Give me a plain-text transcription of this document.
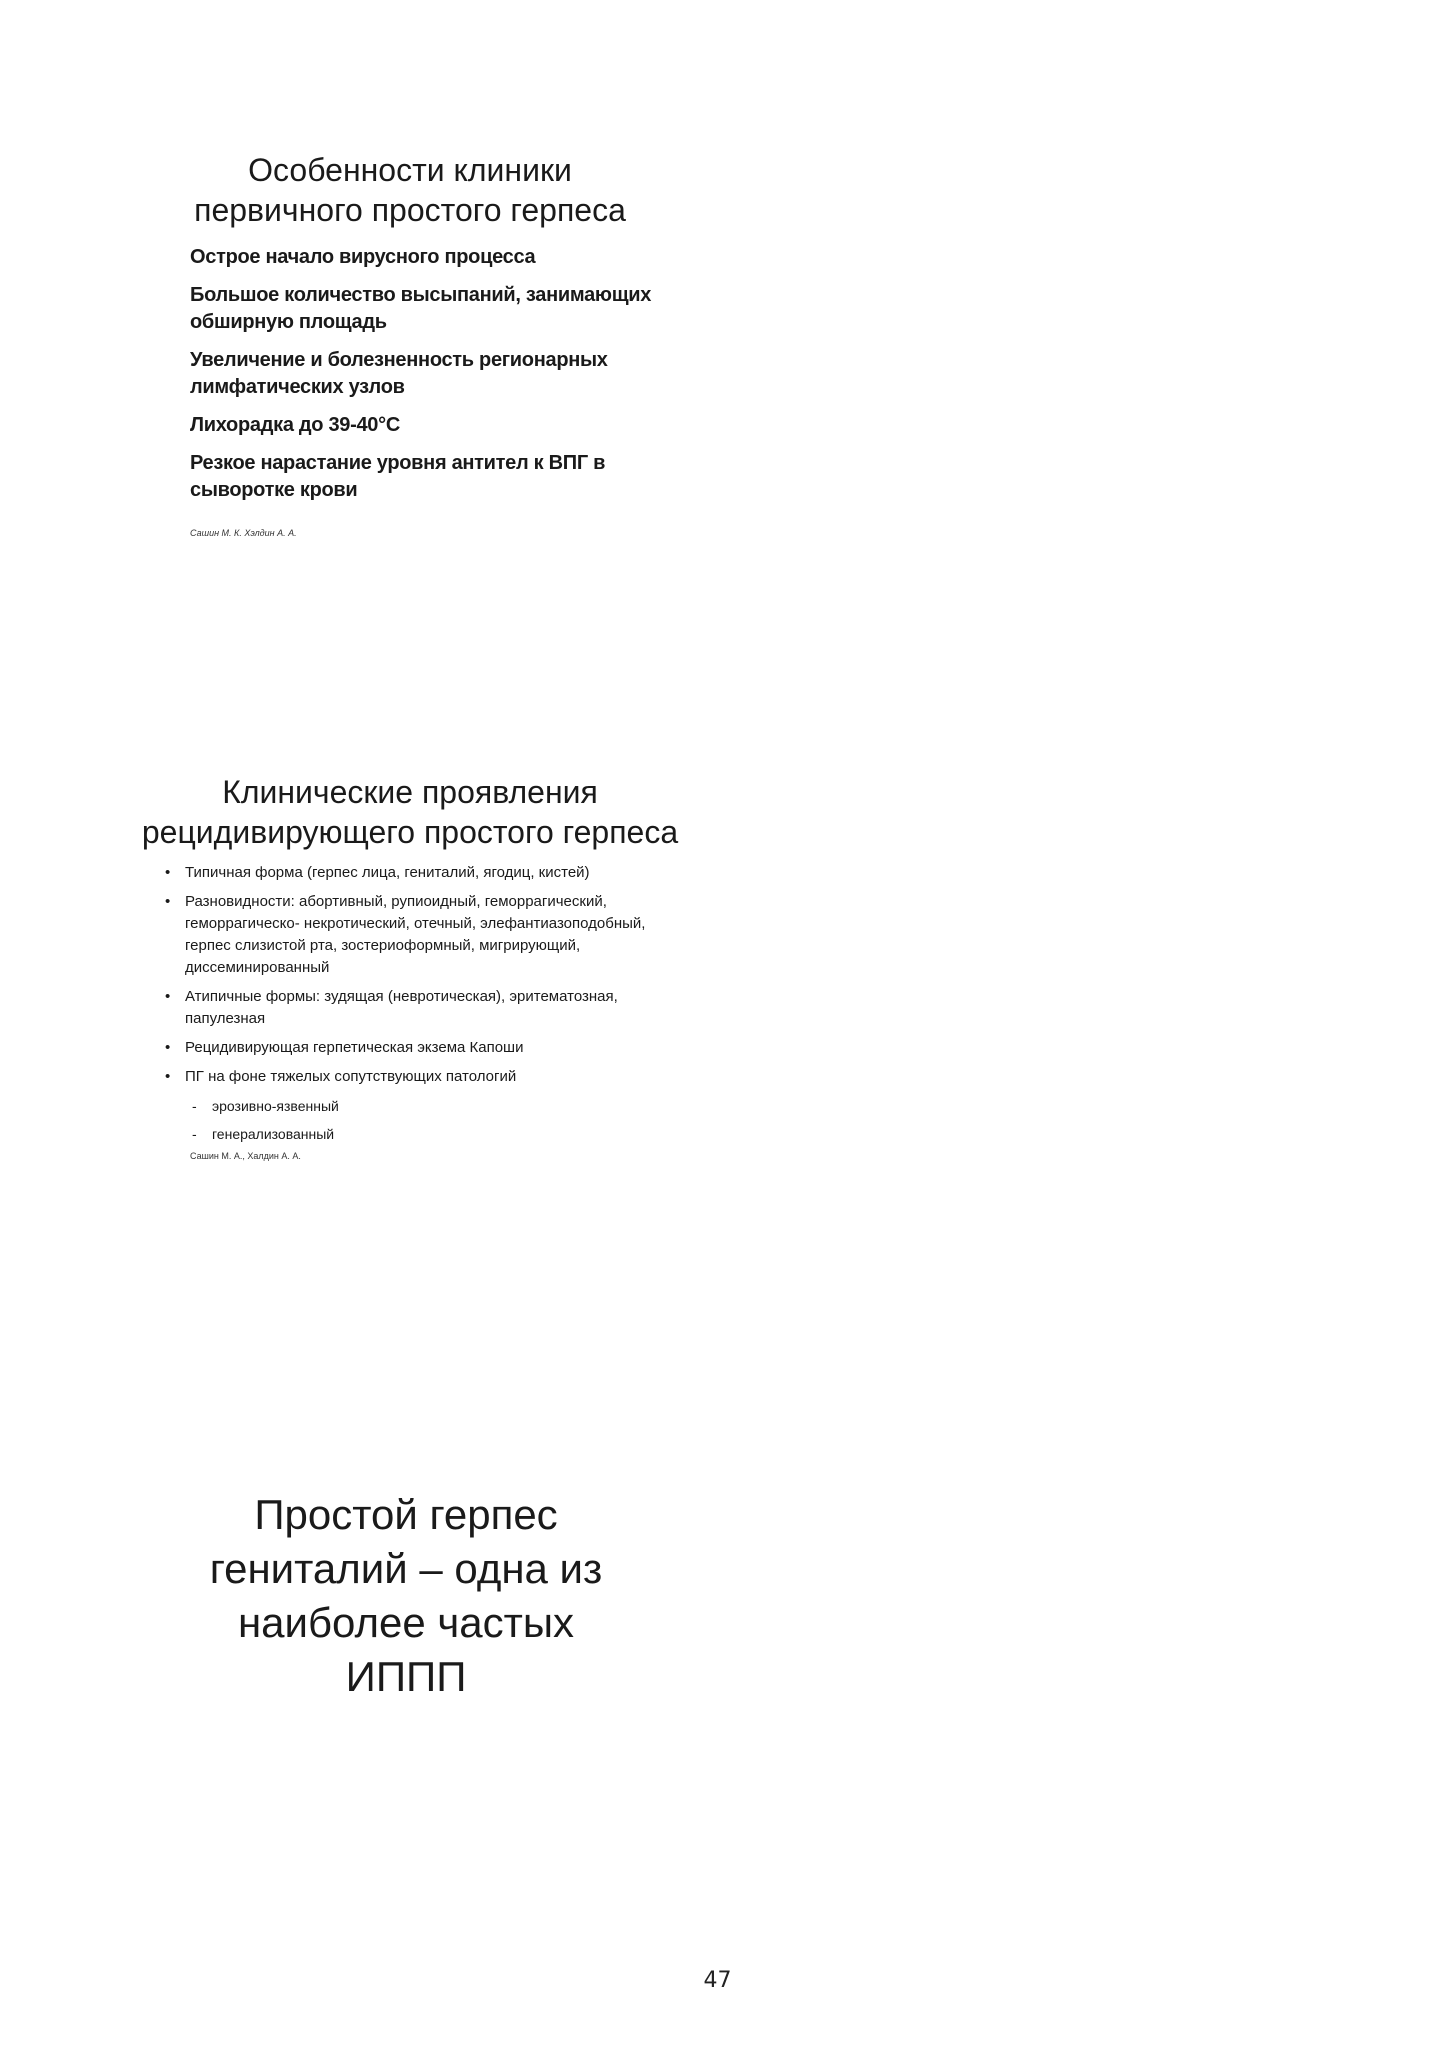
Особенности клиники
первичного простого герпеса
Острое начало вирусного процесса
Большое количество высыпаний, занимающих обширную площадь
Увеличение и болезненность регионарных лимфатических узлов
Лихорадка до 39-40°С
Резкое нарастание уровня антител к ВПГ в сыворотке крови
Сашин М. К. Хэлдин А. А.
Клинические проявления
рецидивирующего простого герпеса
• Типичная форма (герпес лица, гениталий, ягодиц, кистей)
• Разновидности: абортивный, рупиоидный, геморрагический, геморрагическо- некротический, отечный, элефантиазоподобный, герпес слизистой рта, зостериоформный, мигрирующий, диссеминированный
• Атипичные формы: зудящая (невротическая), эритематозная, папулезная
• Рецидивирующая герпетическая экзема Капоши
• ПГ на фоне тяжелых сопутствующих патологий
- эрозивно-язвенный
- генерализованный
Сашин М. А., Халдин А. А.
Простой герпес
гениталий – одна из
наиболее частых
ИППП
47
